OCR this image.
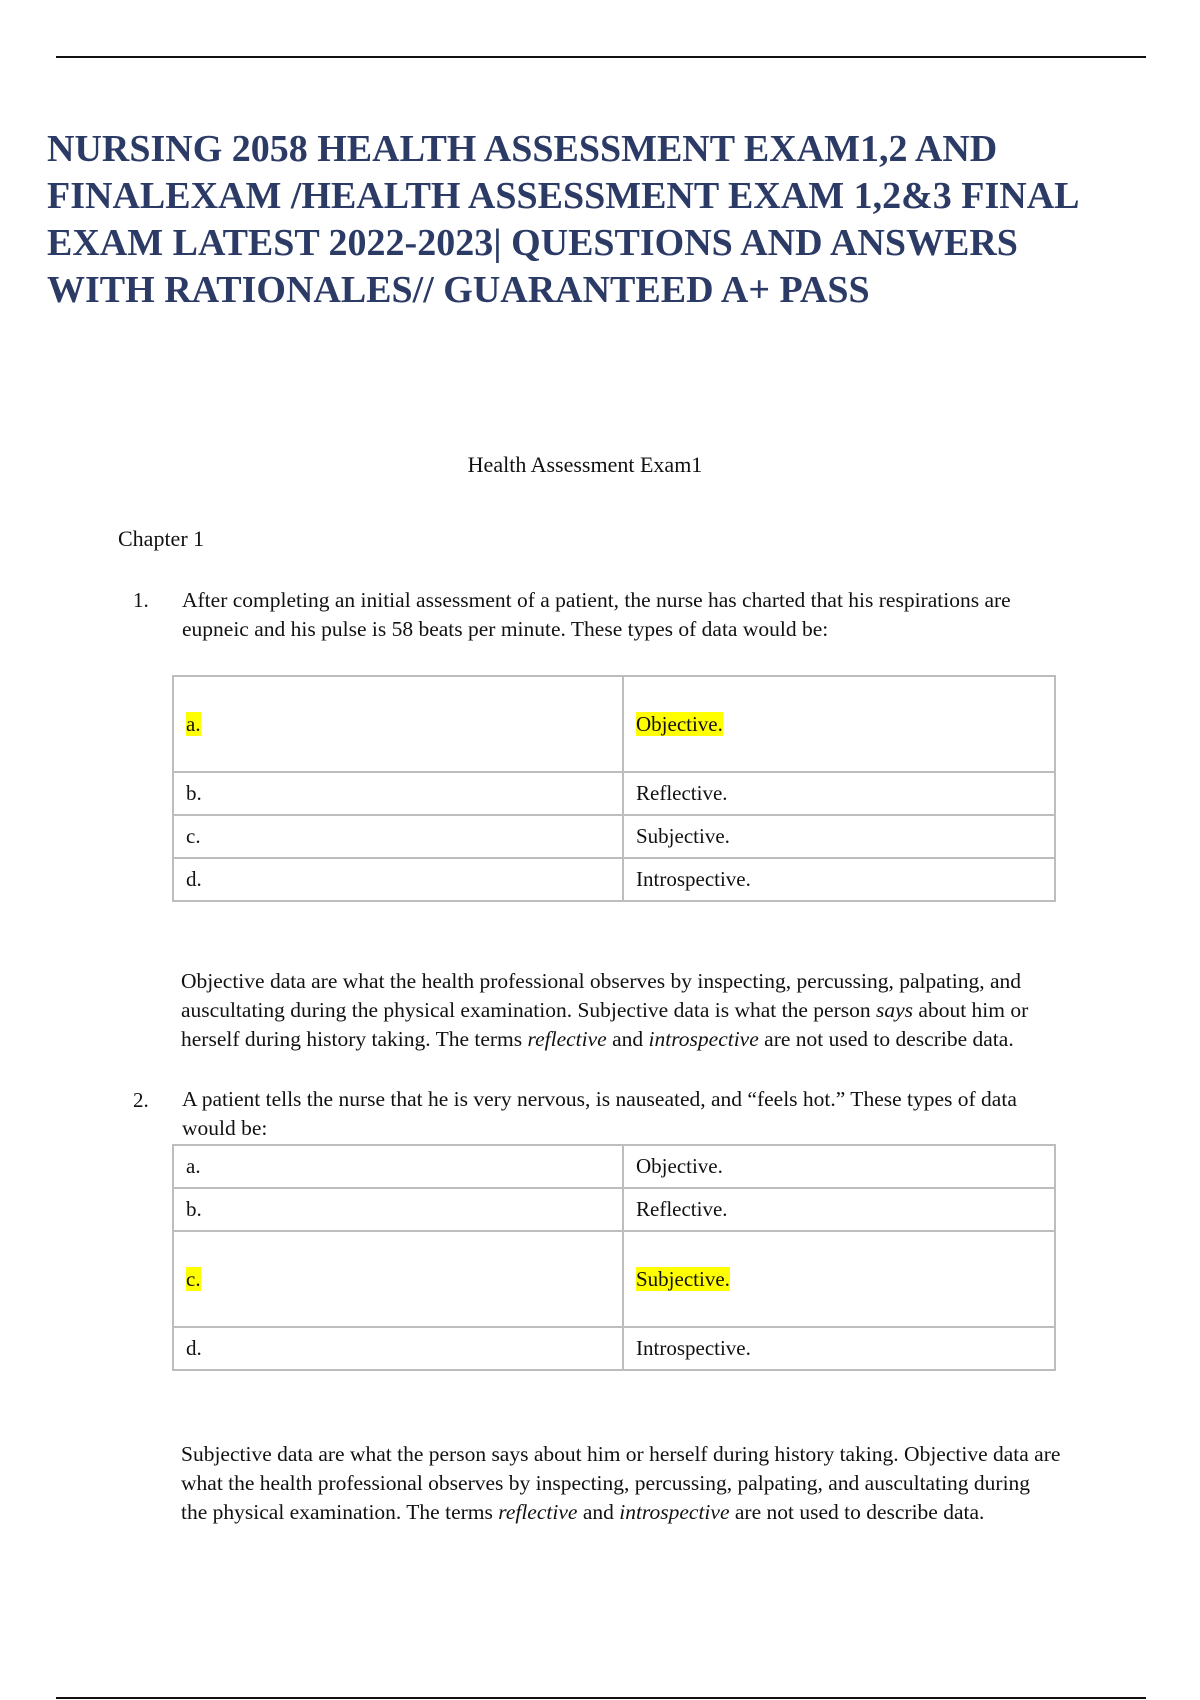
NURSING 2058 HEALTH ASSESSMENT EXAM1,2 AND
FINALEXAM /HEALTH ASSESSMENT EXAM 1,2&3 FINAL
EXAM LATEST 2022-2023| QUESTIONS AND ANSWERS
WITH RATIONALES// GUARANTEED A+ PASS
Health Assessment Exam1
Chapter 1
1. After completing an initial assessment of a patient, the nurse has charted that his respirations are eupneic and his pulse is 58 beats per minute. These types of data would be:
a.	Objective.
b.	Reflective.
c.	Subjective.
d.	Introspective.
Objective data are what the health professional observes by inspecting, percussing, palpating, and auscultating during the physical examination. Subjective data is what the person says about him or herself during history taking. The terms reflective and introspective are not used to describe data.
2. A patient tells the nurse that he is very nervous, is nauseated, and “feels hot.” These types of data would be:
a.	Objective.
b.	Reflective.
c.	Subjective.
d.	Introspective.
Subjective data are what the person says about him or herself during history taking. Objective data are what the health professional observes by inspecting, percussing, palpating, and auscultating during the physical examination. The terms reflective and introspective are not used to describe data.
